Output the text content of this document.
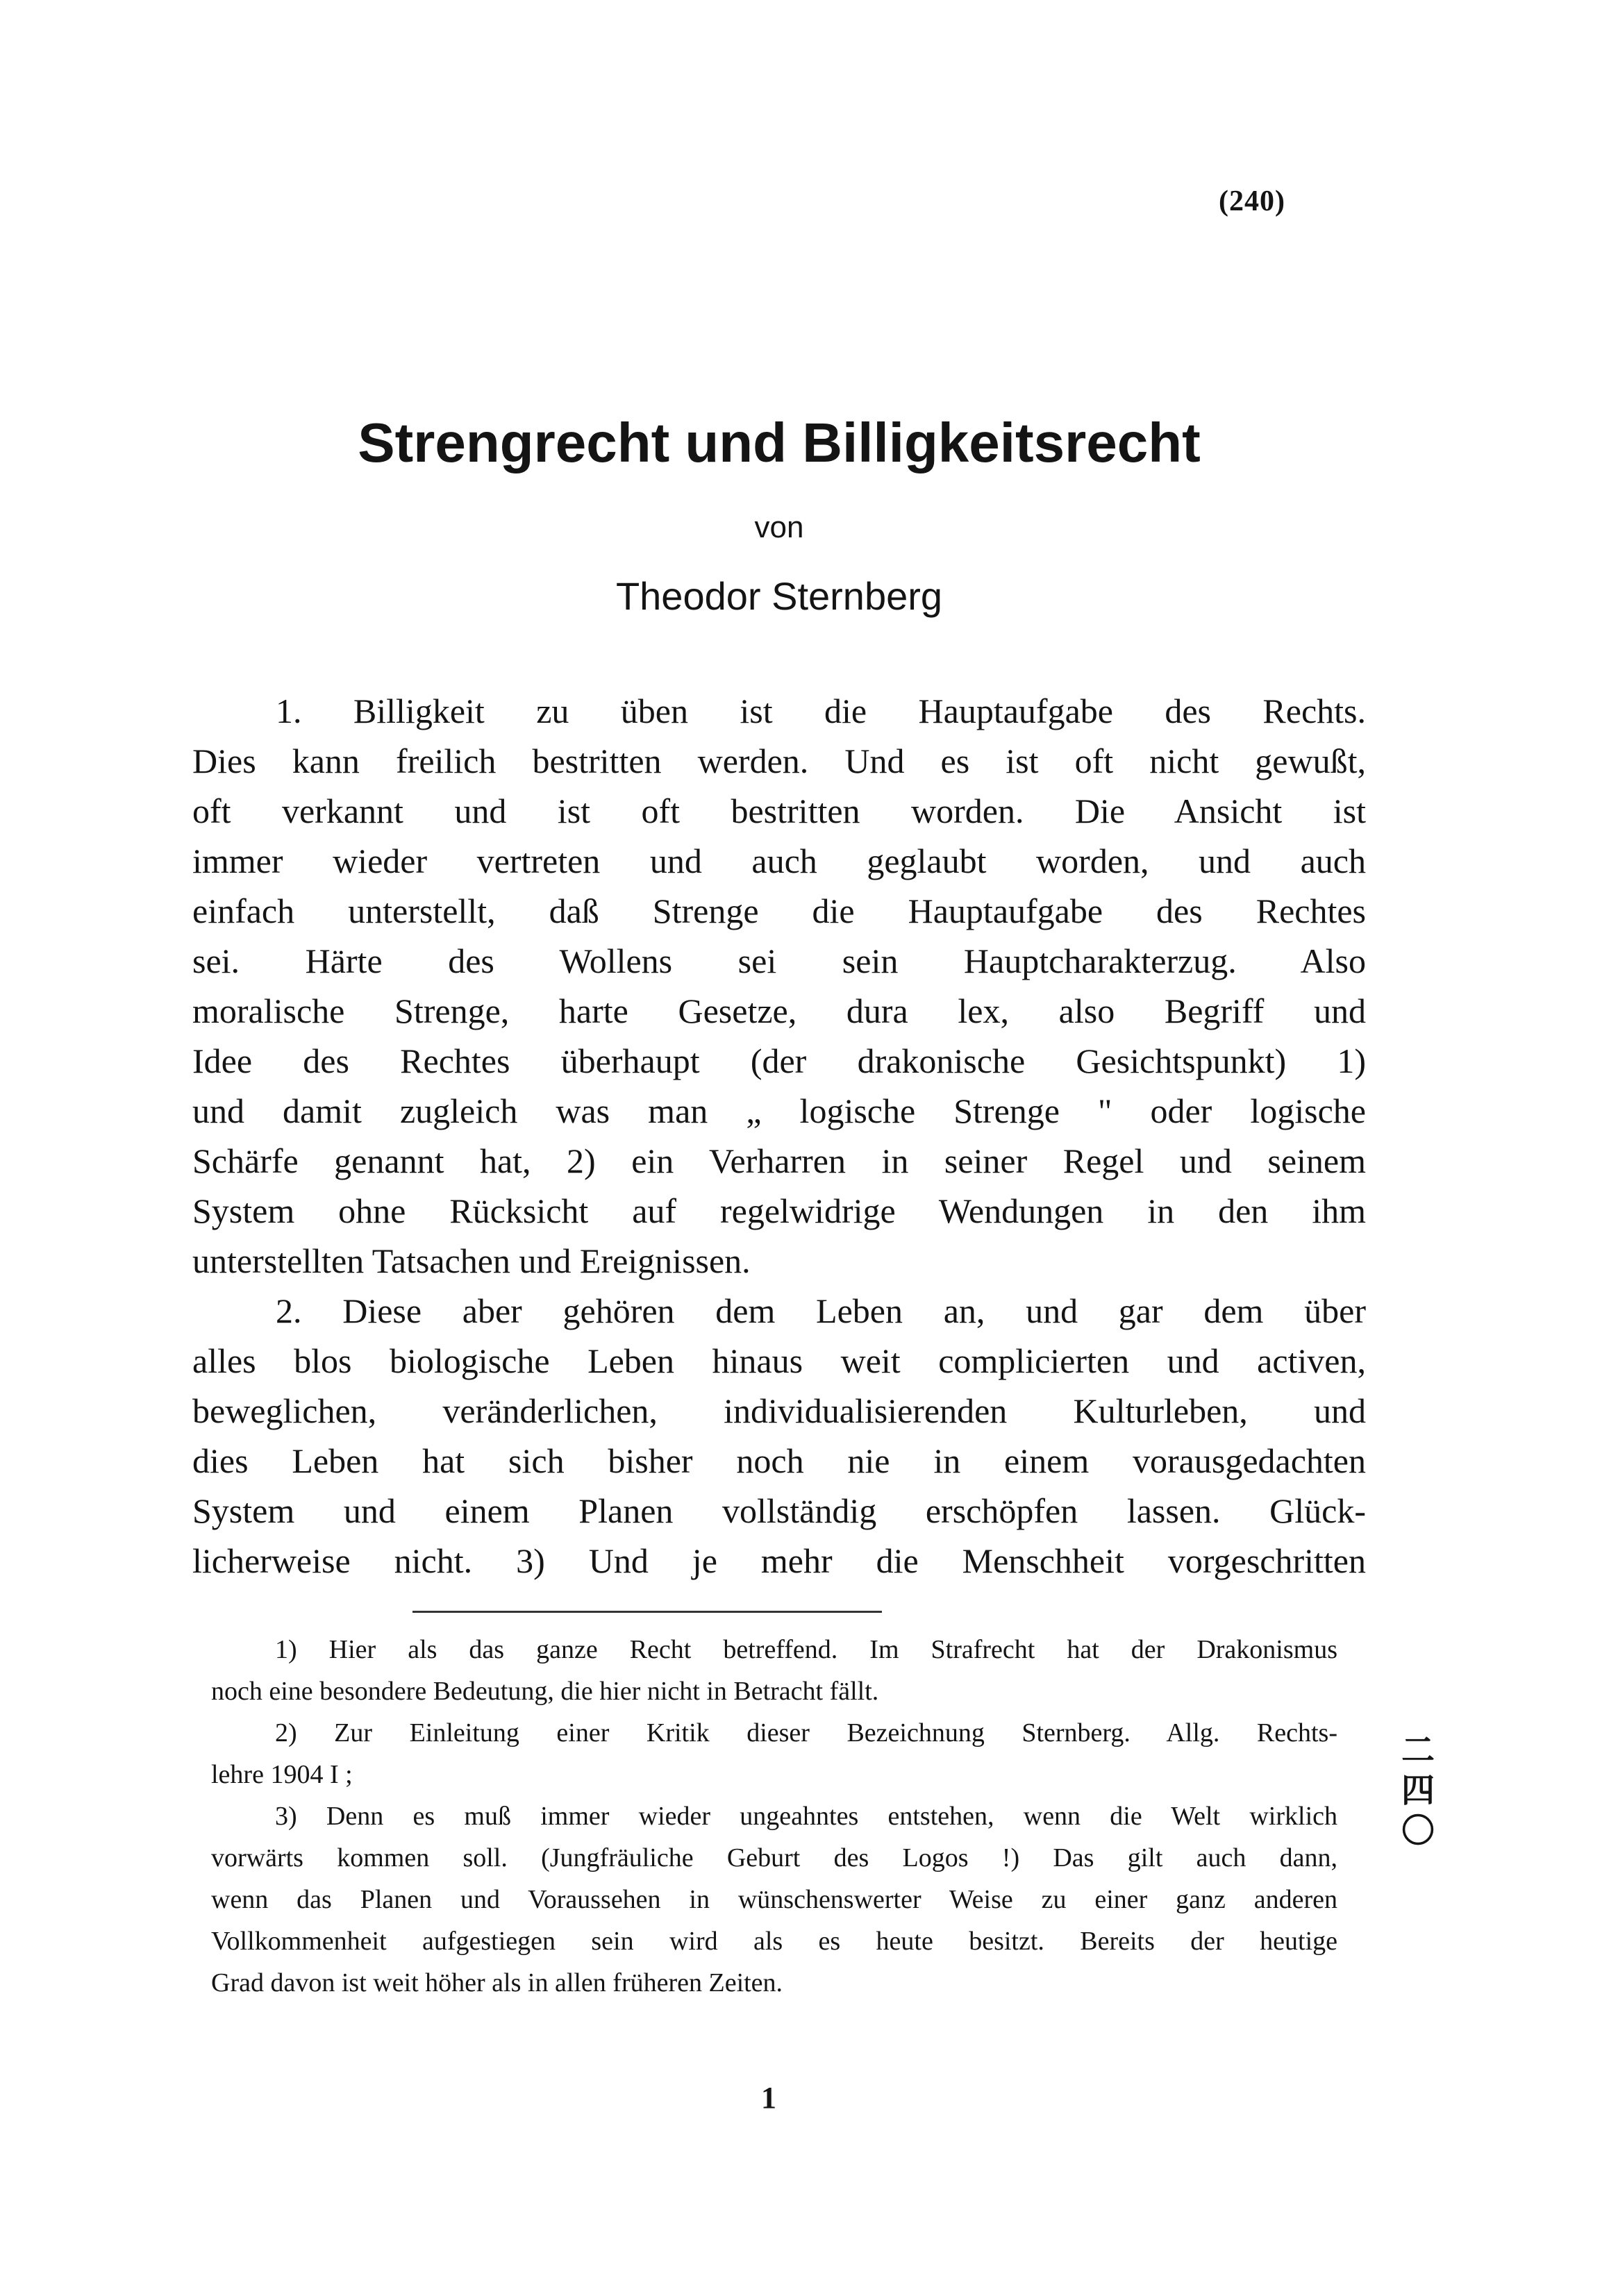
(240)
Strengrecht und Billigkeitsrecht
von
Theodor Sternberg
1. Billigkeit zu üben ist die Hauptaufgabe des Rechts.
Dies kann freilich bestritten werden. Und es ist oft nicht gewußt,
oft verkannt und ist oft bestritten worden. Die Ansicht ist
immer wieder vertreten und auch geglaubt worden, und auch
einfach unterstellt, daß Strenge die Hauptaufgabe des Rechtes
sei. Härte des Wollens sei sein Hauptcharakterzug. Also
moralische Strenge, harte Gesetze, dura lex, also Begriff und
Idee des Rechtes überhaupt (der drakonische Gesichtspunkt) 1)
und damit zugleich was man „ logische Strenge " oder logische
Schärfe genannt hat, 2) ein Verharren in seiner Regel und seinem
System ohne Rücksicht auf regelwidrige Wendungen in den ihm
unterstellten Tatsachen und Ereignissen.
2. Diese aber gehören dem Leben an, und gar dem über
alles blos biologische Leben hinaus weit complicierten und activen,
beweglichen, veränderlichen, individualisierenden Kulturleben, und
dies Leben hat sich bisher noch nie in einem vorausgedachten
System und einem Planen vollständig erschöpfen lassen. Glück-
licherweise nicht. 3) Und je mehr die Menschheit vorgeschritten
1) Hier als das ganze Recht betreffend. Im Strafrecht hat der Drakonismus
noch eine besondere Bedeutung, die hier nicht in Betracht fällt.
2) Zur Einleitung einer Kritik dieser Bezeichnung Sternberg. Allg. Rechts-
lehre 1904 I ;
3) Denn es muß immer wieder ungeahntes entstehen, wenn die Welt wirklich
vorwärts kommen soll. (Jungfräuliche Geburt des Logos !) Das gilt auch dann,
wenn das Planen und Voraussehen in wünschenswerter Weise zu einer ganz anderen
Vollkommenheit aufgestiegen sein wird als es heute besitzt. Bereits der heutige
Grad davon ist weit höher als in allen früheren Zeiten.
1
二
四
〇
